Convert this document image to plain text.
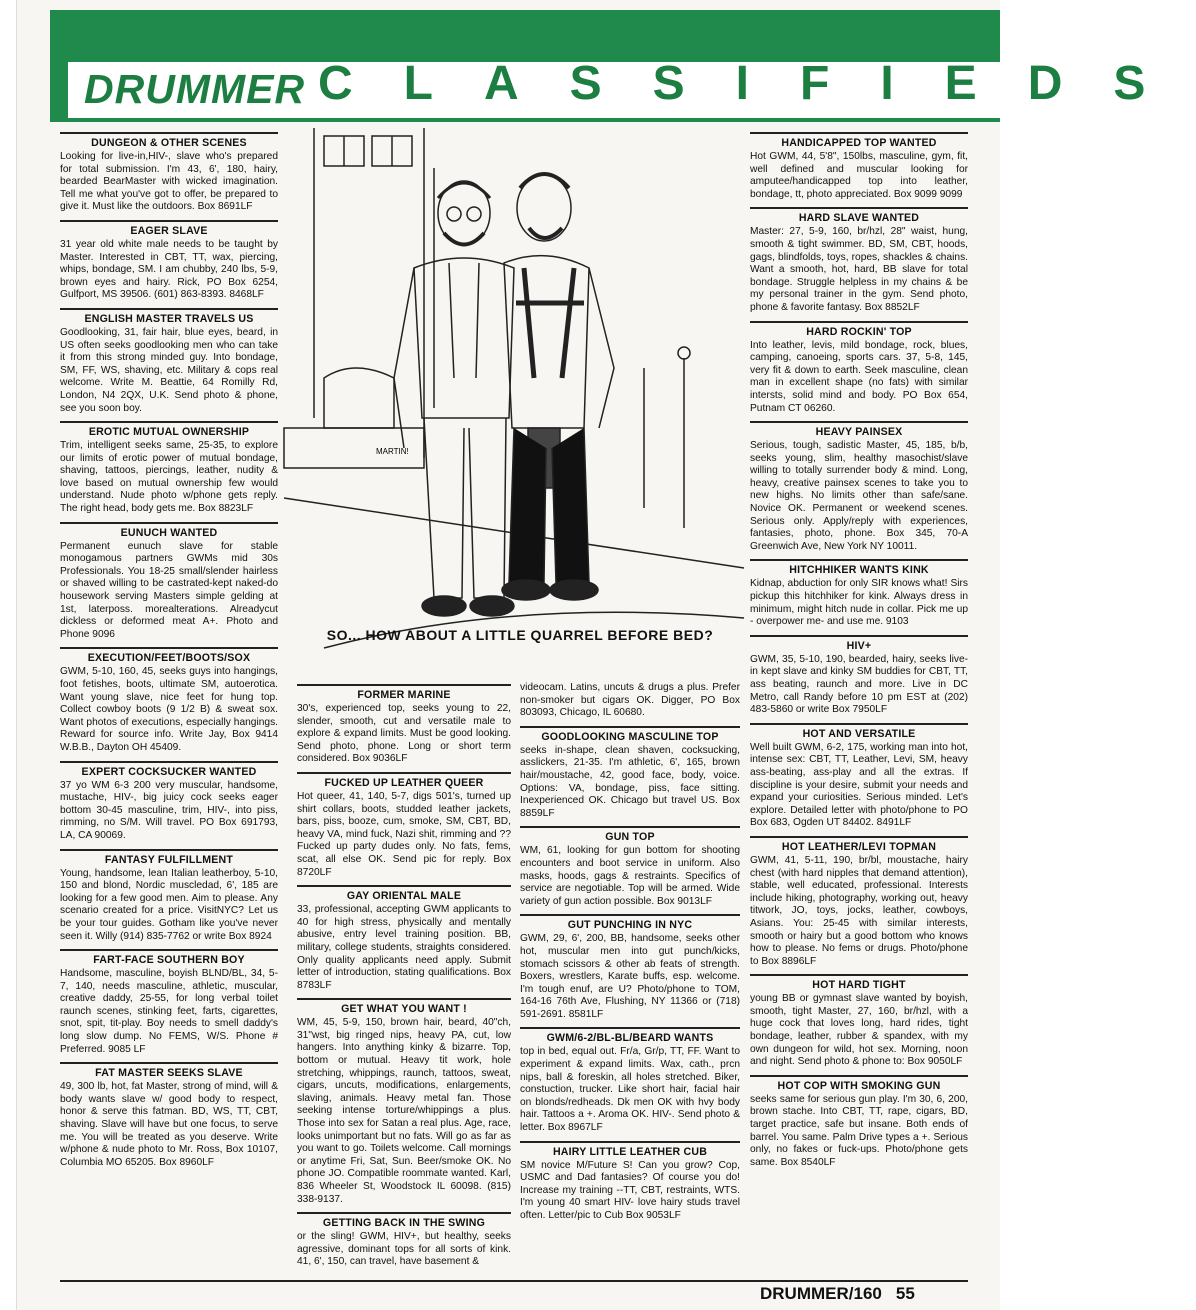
DRUMMER CLASSIFIEDS
DUNGEON & OTHER SCENES

Looking for live-in,HIV-, slave who's prepared for total submission. I'm 43, 6', 180, hairy, bearded BearMaster with wicked imagination. Tell me what you've got to offer, be prepared to give it. Must like the outdoors. Box 8691LF

EAGER SLAVE

31 year old white male needs to be taught by Master. Interested in CBT, TT, wax, piercing, whips, bondage, SM. I am chubby, 240 lbs, 5-9, brown eyes and hairy. Rick, PO Box 6254, Gulfport, MS 39506. (601) 863-8393. 8468LF

ENGLISH MASTER TRAVELS US

Goodlooking, 31, fair hair, blue eyes, beard, in US often seeks goodlooking men who can take it from this strong minded guy. Into bondage, SM, FF, WS, shaving, etc. Military & cops real welcome. Write M. Beattie, 64 Romilly Rd, London, N4 2QX, U.K. Send photo & phone, see you soon boy.

EROTIC MUTUAL OWNERSHIP

Trim, intelligent seeks same, 25-35, to explore our limits of erotic power of mutual bondage, shaving, tattoos, piercings, leather, nudity & love based on mutual ownership few would understand. Nude photo w/phone gets reply. The right head, body gets me. Box 8823LF

EUNUCH WANTED

Permanent eunuch slave for stable monogamous partners GWMs mid 30s Professionals. You 18-25 small/slender hairless or shaved willing to be castrated-kept naked-do housework serving Masters simple gelding at 1st, laterposs. morealterations. Alreadycut dickless or deformed meat A+. Photo and Phone 9096

EXECUTION/FEET/BOOTS/SOX

GWM, 5-10, 160, 45, seeks guys into hangings, foot fetishes, boots, ultimate SM, autoerotica. Want young slave, nice feet for hung top. Collect cowboy boots (9 1/2 B) & sweat sox. Want photos of executions, especially hangings. Reward for source info. Write Jay, Box 9414 W.B.B., Dayton OH 45409.

EXPERT COCKSUCKER WANTED

37 yo WM 6-3 200 very muscular, handsome, mustache, HIV-, big juicy cock seeks eager bottom 30-45 masculine, trim, HIV-, into piss, rimming, no S/M. Will travel. PO Box 691793, LA, CA 90069.

FANTASY FULFILLMENT

Young, handsome, lean Italian leatherboy, 5-10, 150 and blond, Nordic muscledad, 6', 185 are looking for a few good men. Aim to please. Any scenario created for a price. VisitNYC? Let us be your tour guides. Gotham like you've never seen it. Willy (914) 835-7762 or write Box 8924

FART-FACE SOUTHERN BOY

Handsome, masculine, boyish BLND/BL, 34, 5-7, 140, needs masculine, athletic, muscular, creative daddy, 25-55, for long verbal toilet raunch scenes, stinking feet, farts, cigarettes, snot, spit, tit-play. Boy needs to smell daddy's long slow dump. No FEMS, W/S. Phone # Preferred. 9085 LF

FAT MASTER SEEKS SLAVE

49, 300 lb, hot, fat Master, strong of mind, will & body wants slave w/ good body to respect, honor & serve this fatman. BD, WS, TT, CBT, shaving. Slave will have but one focus, to serve me. You will be treated as you deserve. Write w/phone & nude photo to Mr. Ross, Box 10107, Columbia MO 65205. Box 8960LF

HANDICAPPED TOP WANTED

Hot GWM, 44, 5'8", 150lbs, masculine, gym, fit, well defined and muscular looking for amputee/handicapped top into leather, bondage, tt, photo appreciated. Box 9099 9099

HARD SLAVE WANTED

Master: 27, 5-9, 160, br/hzl, 28" waist, hung, smooth & tight swimmer. BD, SM, CBT, hoods, gags, blindfolds, toys, ropes, shackles & chains. Want a smooth, hot, hard, BB slave for total bondage. Struggle helpless in my chains & be my personal trainer in the gym. Send photo, phone & favorite fantasy. Box 8852LF

HARD ROCKIN' TOP

Into leather, levis, mild bondage, rock, blues, camping, canoeing, sports cars. 37, 5-8, 145, very fit & down to earth. Seek masculine, clean man in excellent shape (no fats) with similar intersts, solid mind and body. PO Box 654, Putnam CT 06260.

HEAVY PAINSEX

Serious, tough, sadistic Master, 45, 185, b/b, seeks young, slim, healthy masochist/slave willing to totally surrender body & mind. Long, heavy, creative painsex scenes to take you to new highs. No limits other than safe/sane. Novice OK. Permanent or weekend scenes. Serious only. Apply/reply with experiences, fantasies, photo, phone. Box 345, 70-A Greenwich Ave, New York NY 10011.

HITCHHIKER WANTS KINK

Kidnap, abduction for only SIR knows what! Sirs pickup this hitchhiker for kink. Always dress in minimum, might hitch nude in collar. Pick me up - overpower me- and use me. 9103

HIV+

GWM, 35, 5-10, 190, bearded, hairy, seeks live-in kept slave and kinky SM buddies for CBT, TT, ass beating, raunch and more. Live in DC Metro, call Randy before 10 pm EST at (202) 483-5860 or write Box 7950LF

HOT AND VERSATILE

Well built GWM, 6-2, 175, working man into hot, intense sex: CBT, TT, Leather, Levi, SM, heavy ass-beating, ass-play and all the extras. If discipline is your desire, submit your needs and expand your curiosities. Serious minded. Let's explore. Detailed letter with photo/phone to PO Box 683, Ogden UT 84402. 8491LF

HOT LEATHER/LEVI TOPMAN

GWM, 41, 5-11, 190, br/bl, moustache, hairy chest (with hard nipples that demand attention), stable, well educated, professional. Interests include hiking, photography, working out, heavy titwork, JO, toys, jocks, leather, cowboys, Asians. You: 25-45 with similar interests, smooth or hairy but a good bottom who knows how to please. No fems or drugs. Photo/phone to Box 8896LF

HOT HARD TIGHT

young BB or gymnast slave wanted by boyish, smooth, tight Master, 27, 160, br/hzl, with a huge cock that loves long, hard rides, tight bondage, leather, rubber & spandex, with my own dungeon for wild, hot sex. Morning, noon and night. Send photo & phone to: Box 9050LF

HOT COP WITH SMOKING GUN

seeks same for serious gun play. I'm 30, 6, 200, brown stache. Into CBT, TT, rape, cigars, BD, target practice, safe but insane. Both ends of barrel. You same. Palm Drive types a +. Serious only, no fakes or fuck-ups. Photo/phone gets same. Box 8540LF

MARTIN!
SO... HOW ABOUT A LITTLE QUARREL BEFORE BED?
FORMER MARINE

30's, experienced top, seeks young to 22, slender, smooth, cut and versatile male to explore & expand limits. Must be good looking. Send photo, phone. Long or short term considered. Box 9036LF

FUCKED UP LEATHER QUEER

Hot queer, 41, 140, 5-7, digs 501's, turned up shirt collars, boots, studded leather jackets, bars, piss, booze, cum, smoke, SM, CBT, BD, heavy VA, mind fuck, Nazi shit, rimming and ?? Fucked up party dudes only. No fats, fems, scat, all else OK. Send pic for reply. Box 8720LF

GAY ORIENTAL MALE

33, professional, accepting GWM applicants to 40 for high stress, physically and mentally abusive, entry level training position. BB, military, college students, straights considered. Only quality applicants need apply. Submit letter of introduction, stating qualifications. Box 8783LF

GET WHAT YOU WANT !

WM, 45, 5-9, 150, brown hair, beard, 40"ch, 31"wst, big ringed nips, heavy PA, cut, low hangers. Into anything kinky & bizarre. Top, bottom or mutual. Heavy tit work, hole stretching, whippings, raunch, tattoos, sweat, cigars, uncuts, modifications, enlargements, slaving, animals. Heavy metal fan. Those seeking intense torture/whippings a plus. Those into sex for Satan a real plus. Age, race, looks unimportant but no fats. Will go as far as you want to go. Toilets welcome. Call mornings or anytime Fri, Sat, Sun. Beer/smoke OK. No phone JO. Compatible roommate wanted. Karl, 836 Wheeler St, Woodstock IL 60098. (815) 338-9137.

GETTING BACK IN THE SWING

or the sling! GWM, HIV+, but healthy, seeks agressive, dominant tops for all sorts of kink. 41, 6', 150, can travel, have basement &

videocam. Latins, uncuts & drugs a plus. Prefer non-smoker but cigars OK. Digger, PO Box 803093, Chicago, IL 60680.

GOODLOOKING MASCULINE TOP

seeks in-shape, clean shaven, cocksucking, asslickers, 21-35. I'm athletic, 6', 165, brown hair/moustache, 42, good face, body, voice. Options: VA, bondage, piss, face sitting. Inexperienced OK. Chicago but travel US. Box 8859LF

GUN TOP

WM, 61, looking for gun bottom for shooting encounters and boot service in uniform. Also masks, hoods, gags & restraints. Specifics of service are negotiable. Top will be armed. Wide variety of gun action possible. Box 9013LF

GUT PUNCHING IN NYC

GWM, 29, 6', 200, BB, handsome, seeks other hot, muscular men into gut punch/kicks, stomach scissors & other ab feats of strength. Boxers, wrestlers, Karate buffs, esp. welcome. I'm tough enuf, are U? Photo/phone to TOM, 164-16 76th Ave, Flushing, NY 11366 or (718) 591-2691. 8581LF

GWM/6-2/BL-BL/BEARD WANTS

top in bed, equal out. Fr/a, Gr/p, TT, FF. Want to experiment & expand limits. Wax, cath., prcn nips, ball & foreskin, all holes stretched. Biker, constuction, trucker. Like short hair, facial hair on blonds/redheads. Dk men OK with hvy body hair. Tattoos a +. Aroma OK. HIV-. Send photo & letter. Box 8967LF

HAIRY LITTLE LEATHER CUB

SM novice M/Future S! Can you grow? Cop, USMC and Dad fantasies? Of course you do! Increase my training --TT, CBT, restraints, WTS. I'm young 40 smart HIV- love hairy studs travel often. Letter/pic to Cub Box 9053LF

DRUMMER/160 55
